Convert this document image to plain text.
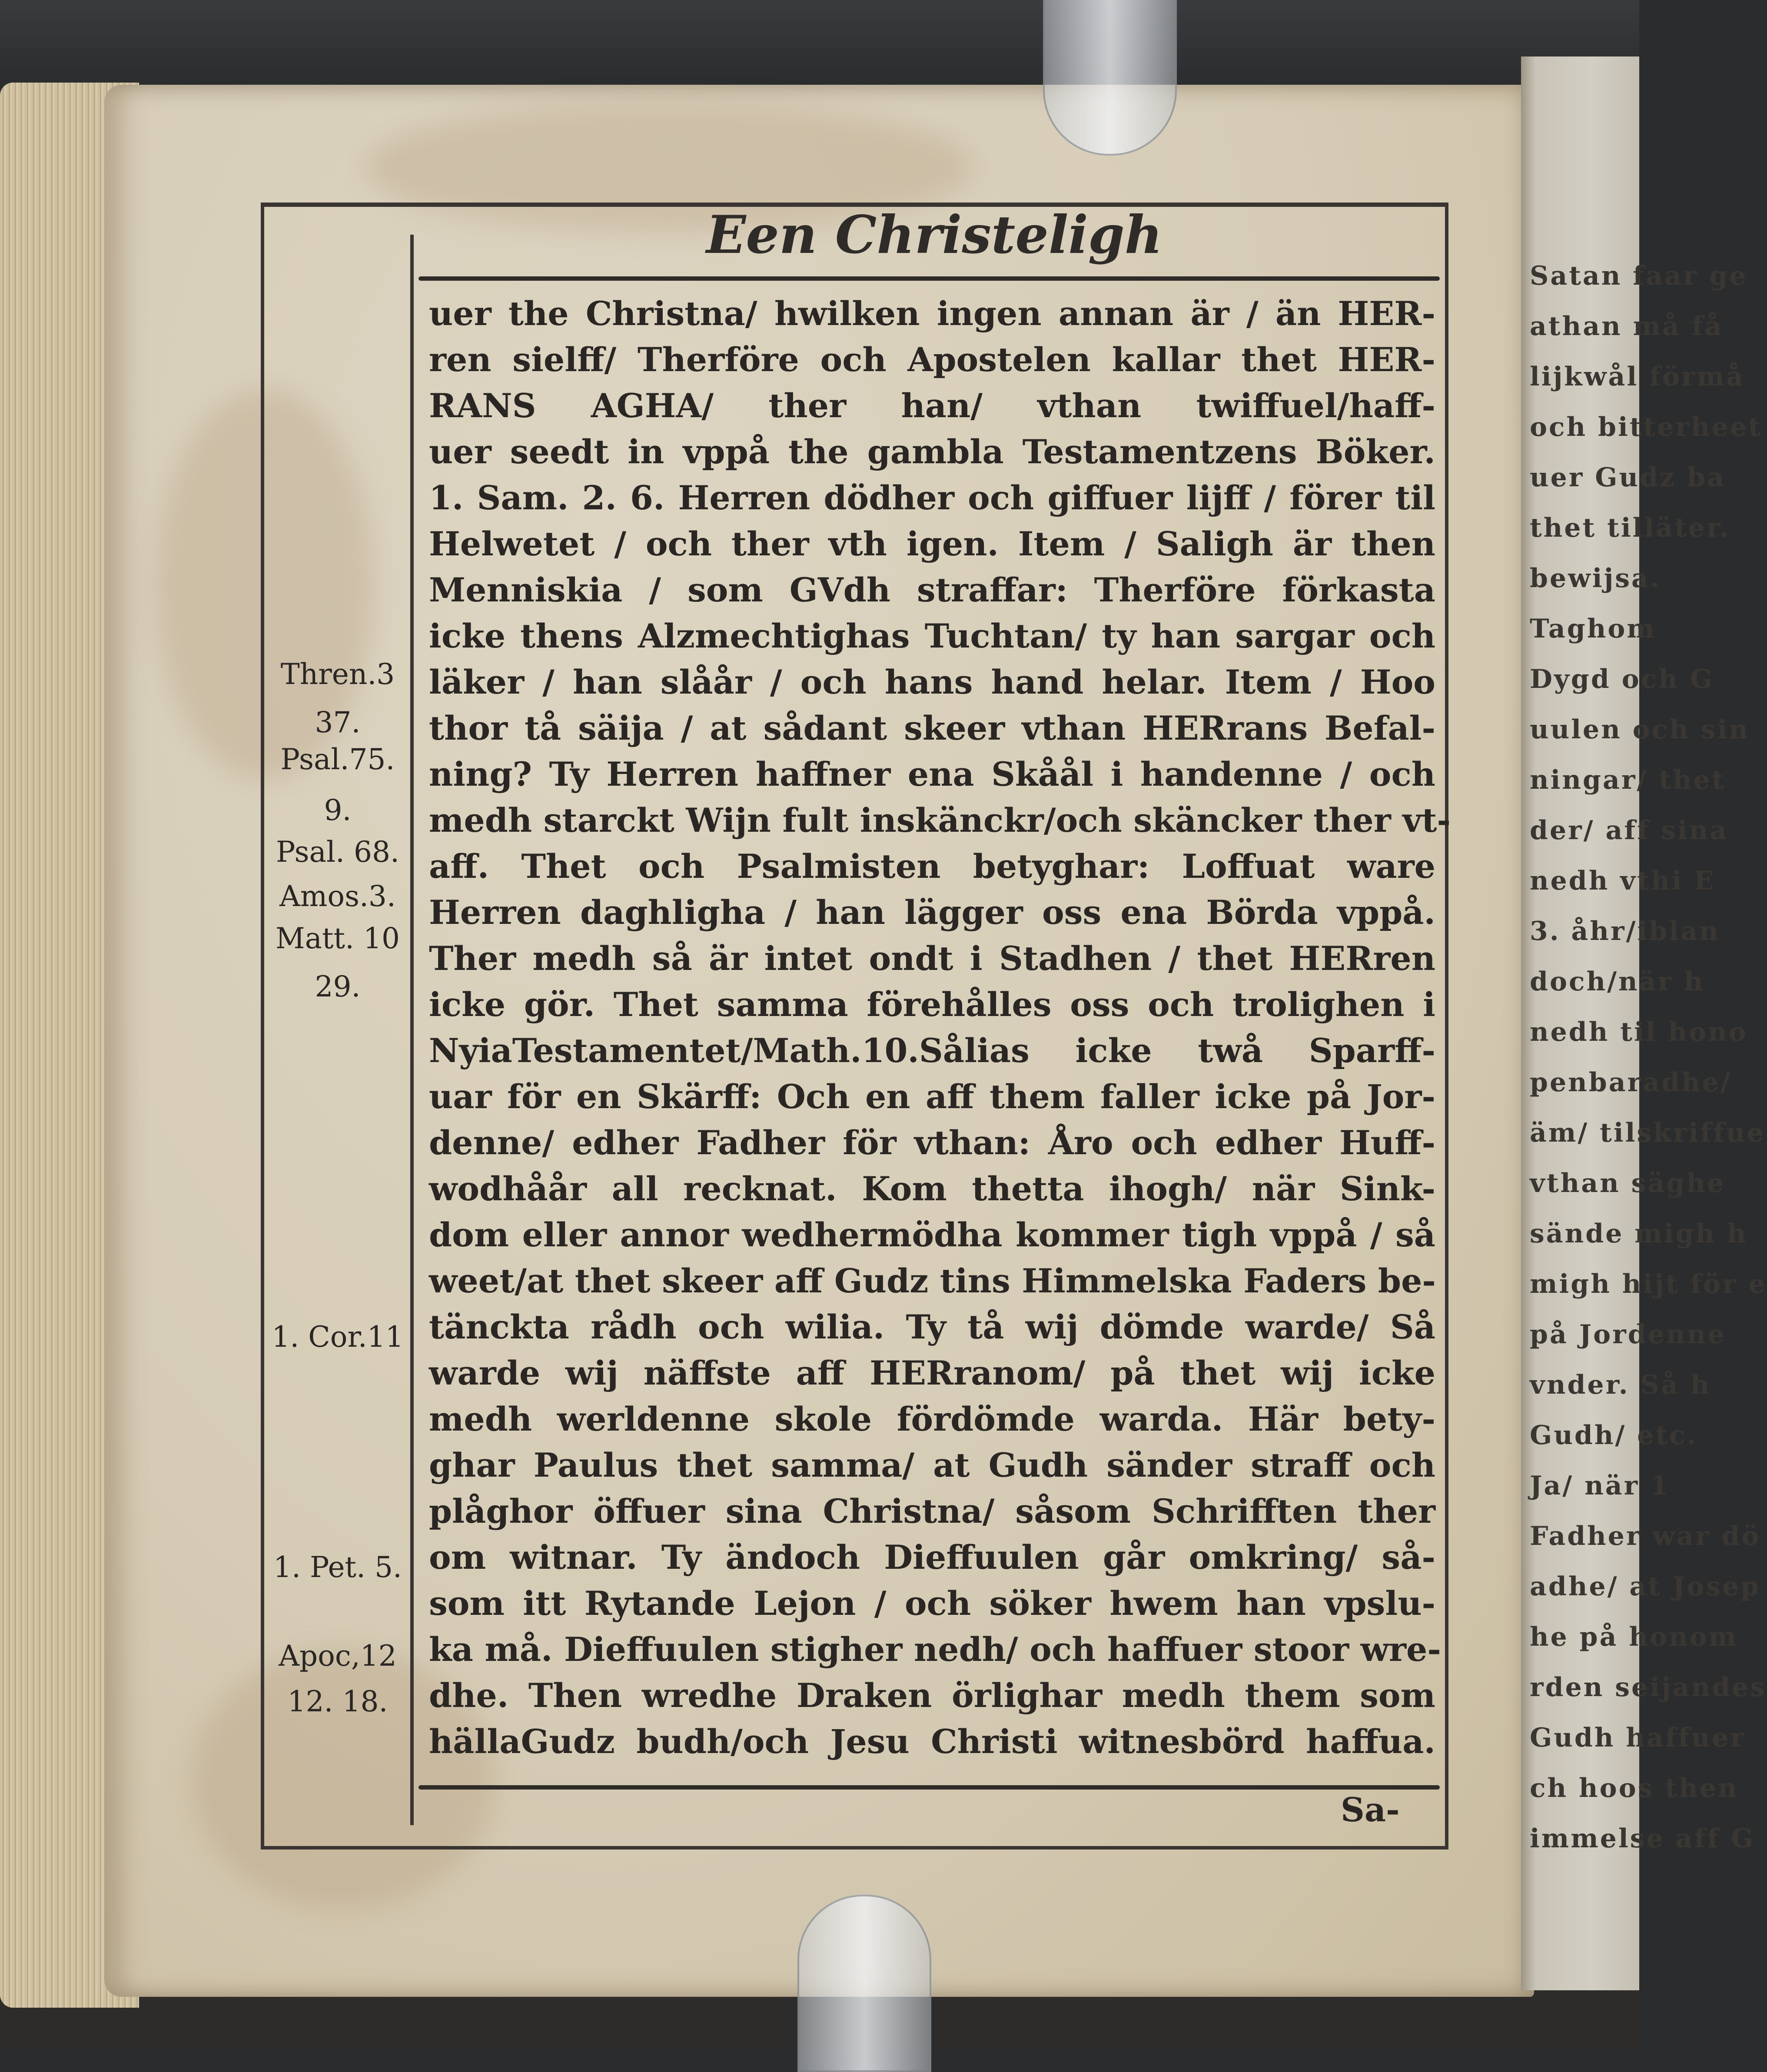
Satan faar ge
athan må få
lijkwål förmå
och bitterheet
uer Gudz ba
thet tilläter.
bewijsa.
Taghom
Dygd och G
uulen och sin
ningar/ thet
der/ aff sina
nedh vthi E
3. åhr/iblan
doch/när h
nedh til hono
penbaradhe/
äm/ tilskriffue
vthan säghe
sände migh h
migh hijt för e
på Jordenne
vnder. Så h
Gudh/ etc.
Ja/ när 1
Fadher war dö
adhe/ at Josep
he på honom
rden seijandes
Gudh haffuer
ch hoos then
immelse aff G
Een Christeligh
uer the Christna/ hwilken ingen annan är / än HER-
ren sielff/ Therföre och Apostelen kallar thet HER-
RANS AGHA/ ther han/ vthan twiffuel/haff-
uer seedt in vppå the gambla Testamentzens Böker.
1. Sam. 2. 6. Herren dödher och giffuer lijff / förer til
Helwetet / och ther vth igen. Item / Saligh är then
Menniskia / som GVdh straffar: Therföre förkasta
icke thens Alzmechtighas Tuchtan/ ty han sargar och
läker / han slåår / och hans hand helar. Item / Hoo
thor tå säija / at sådant skeer vthan HERrans Befal-
ning? Ty Herren haffner ena Skåål i handenne / och
medh starckt Wijn fult inskänckr/och skäncker ther vt-
aff. Thet och Psalmisten betyghar: Loffuat ware
Herren daghligha / han lägger oss ena Börda vppå.
Ther medh så är intet ondt i Stadhen / thet HERren
icke gör. Thet samma förehålles oss och trolighen i
NyiaTestamentet/Math.10.Sålias icke twå Sparff-
uar för en Skärff: Och en aff them faller icke på Jor-
denne/ edher Fadher för vthan: Åro och edher Huff-
wodhåår all recknat. Kom thetta ihogh/ när Sink-
dom eller annor wedhermödha kommer tigh vppå / så
weet/at thet skeer aff Gudz tins Himmelska Faders be-
tänckta rådh och wilia. Ty tå wij dömde warde/ Så
warde wij näffste aff HERranom/ på thet wij icke
medh werldenne skole fördömde warda. Här bety-
ghar Paulus thet samma/ at Gudh sänder straff och
plåghor öffuer sina Christna/ såsom Schrifften ther
om witnar. Ty ändoch Dieffuulen går omkring/ så-
som itt Rytande Lejon / och söker hwem han vpslu-
ka må. Dieffuulen stigher nedh/ och haffuer stoor wre-
dhe. Then wredhe Draken örlighar medh them som
hällaGudz budh/och Jesu Christi witnesbörd haffua.
Thren.3
37.
Psal.75.
9.
Psal. 68.
Amos.3.
Matt. 10
29.
1. Cor.11
1. Pet. 5.
Apoc,12
12. 18.
Sa-
